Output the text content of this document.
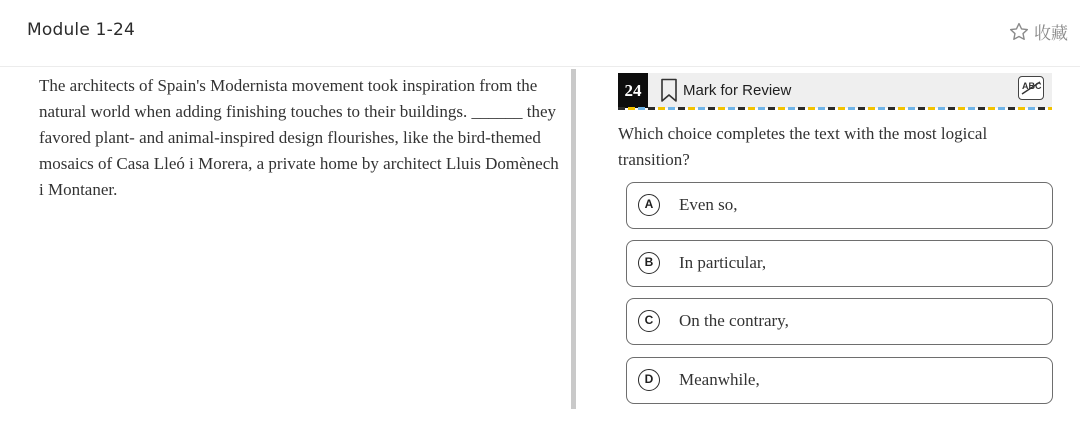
Module 1-24	收藏
The architects of Spain's Modernista movement took inspiration from the natural world when adding finishing touches to their buildings. ______ they favored plant- and animal-inspired design flourishes, like the bird-themed mosaics of Casa Lleó i Morera, a private home by architect Lluis Domènech i Montaner.
24	Mark for Review	ABC
Which choice completes the text with the most logical transition?
A	Even so,
B	In particular,
C	On the contrary,
D	Meanwhile,
